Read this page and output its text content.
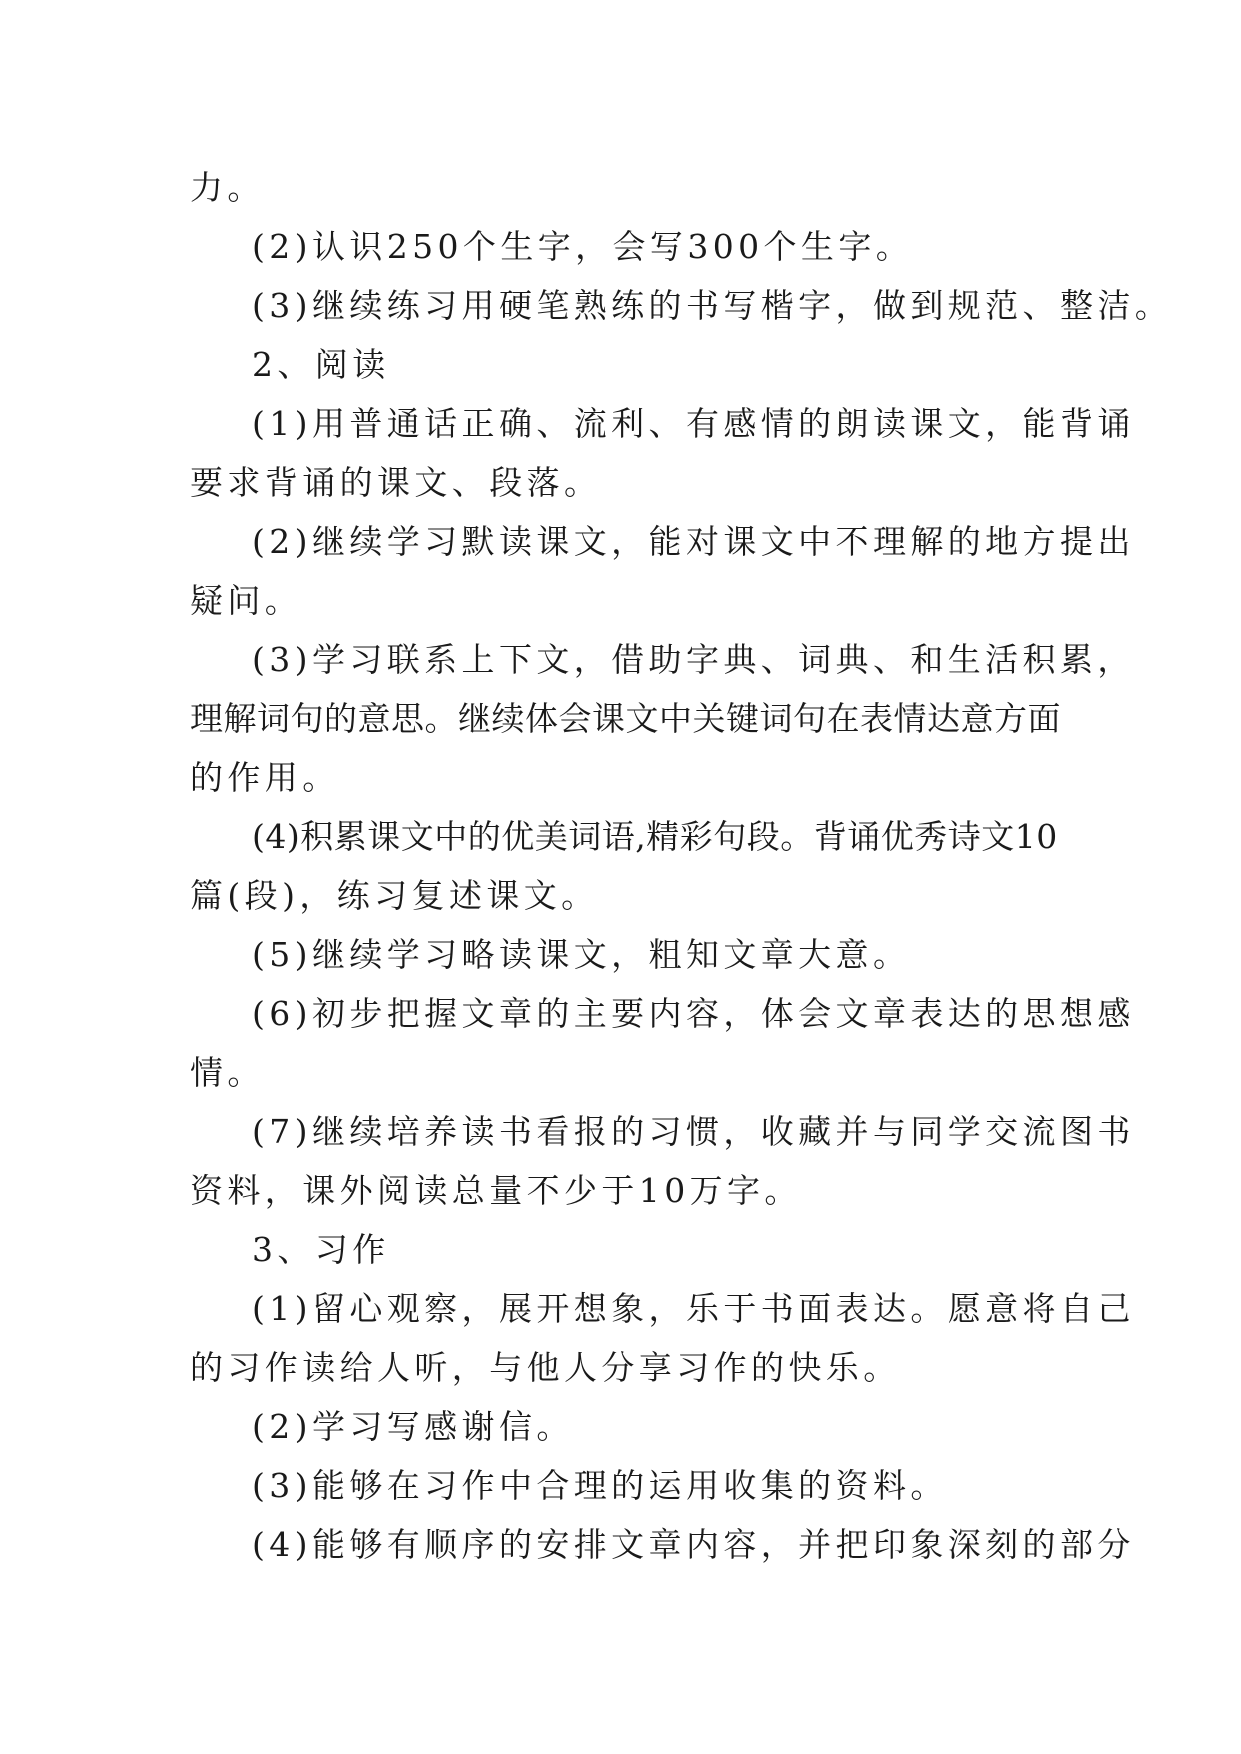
力。
(2)认识250个生字，会写300个生字。
(3)继续练习用硬笔熟练的书写楷字，做到规范、整洁。
2、阅读
(1)用普通话正确、流利、有感情的朗读课文，能背诵
要求背诵的课文、段落。
(2)继续学习默读课文，能对课文中不理解的地方提出
疑问。
(3)学习联系上下文，借助字典、词典、和生活积累，
理解词句的意思。继续体会课文中关键词句在表情达意方面
的作用。
(4)积累课文中的优美词语,精彩句段。背诵优秀诗文10
篇(段)，练习复述课文。
(5)继续学习略读课文，粗知文章大意。
(6)初步把握文章的主要内容，体会文章表达的思想感
情。
(7)继续培养读书看报的习惯，收藏并与同学交流图书
资料，课外阅读总量不少于10万字。
3、习作
(1)留心观察，展开想象，乐于书面表达。愿意将自己
的习作读给人听，与他人分享习作的快乐。
(2)学习写感谢信。
(3)能够在习作中合理的运用收集的资料。
(4)能够有顺序的安排文章内容，并把印象深刻的部分
